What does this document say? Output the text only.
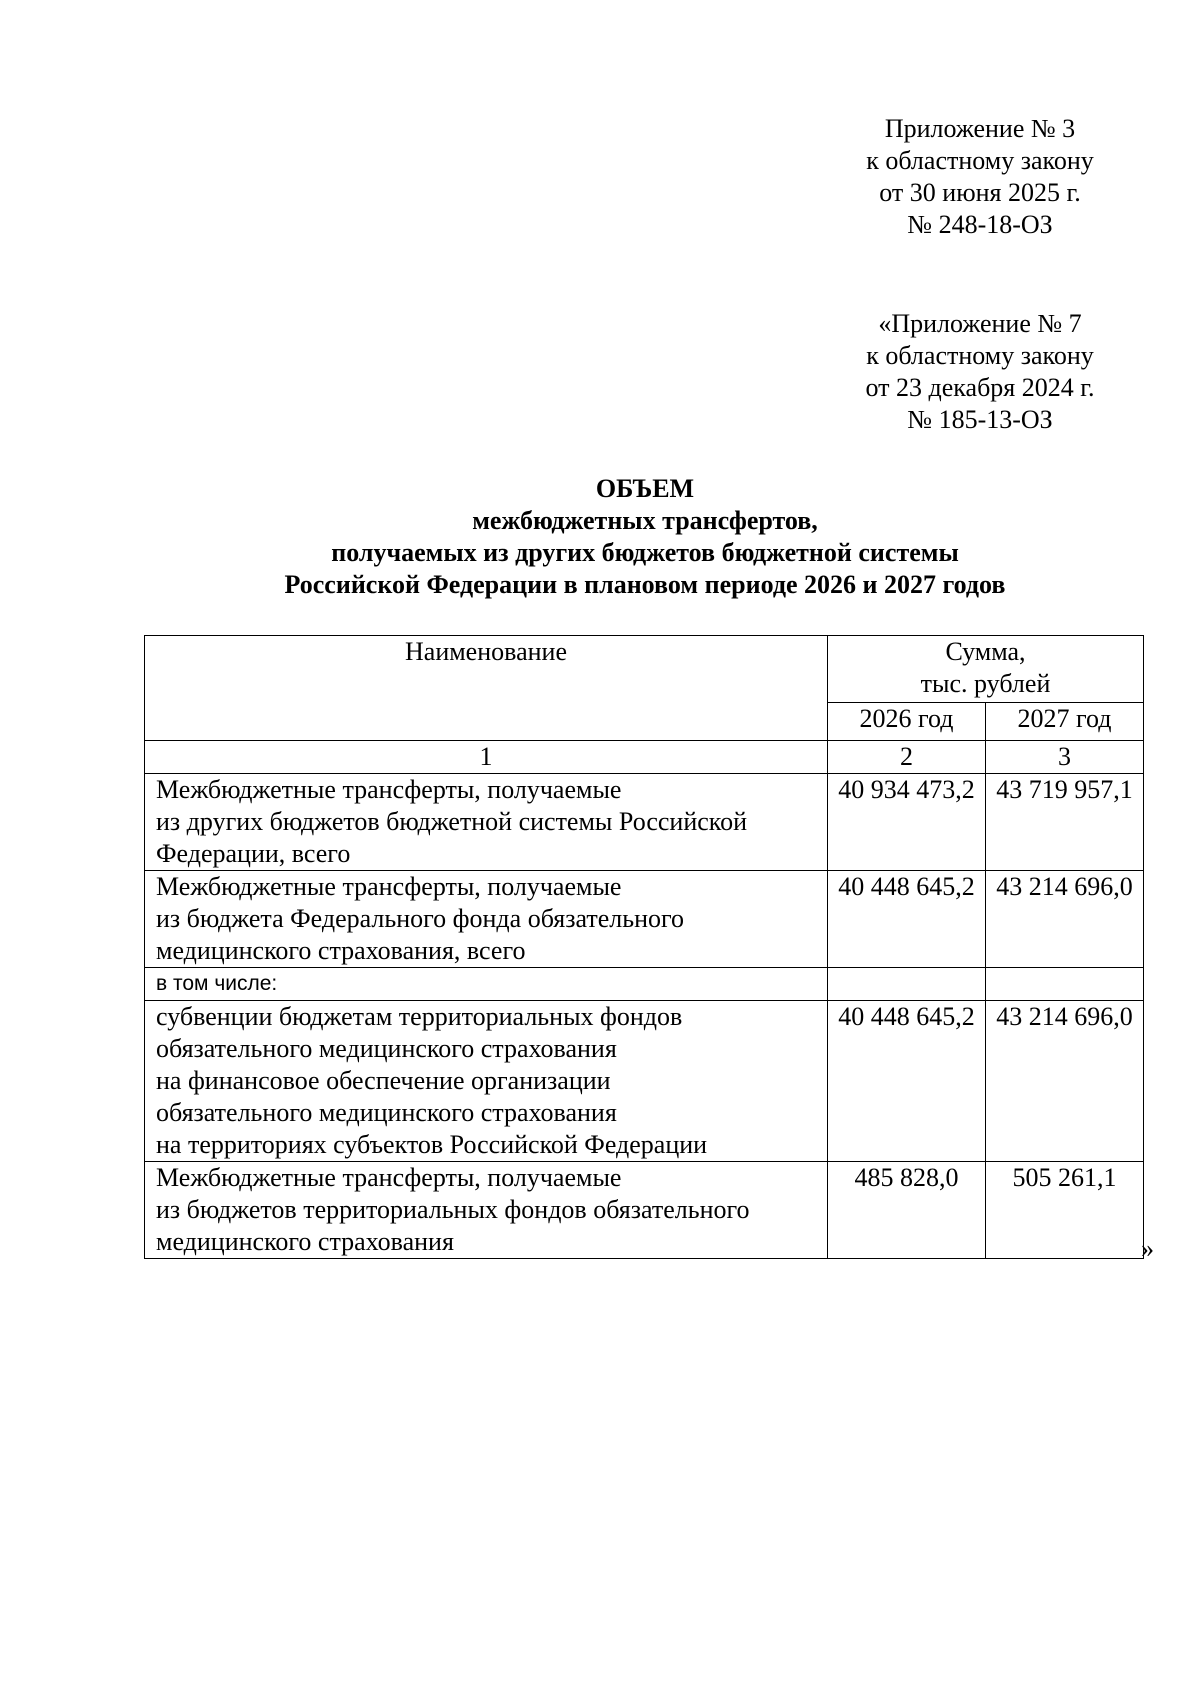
Приложение № 3
к областному закону
от 30 июня 2025 г.
№ 248-18-ОЗ
«Приложение № 7
к областному закону
от 23 декабря 2024 г.
№ 185-13-ОЗ
ОБЪЕМ
межбюджетных трансфертов,
получаемых из других бюджетов бюджетной системы
Российской Федерации в плановом периоде 2026 и 2027 годов
Наименование	Сумма,
тыс. рублей	

	2026 год	2027 год
1	2	3

Межбюджетные трансферты, получаемые
из других бюджетов бюджетной системы Российской
Федерации, всего	40 934 473,2	43 719 957,1

Межбюджетные трансферты, получаемые
из бюджета Федерального фонда обязательного
медицинского страхования, всего	40 448 645,2	43 214 696,0

в том числе:		

субвенции бюджетам территориальных фондов
обязательного медицинского страхования
на финансовое обеспечение организации
обязательного медицинского страхования
на территориях субъектов Российской Федерации	40 448 645,2	43 214 696,0

Межбюджетные трансферты, получаемые
из бюджетов территориальных фондов обязательного
медицинского страхования	485 828,0	505 261,1
»
